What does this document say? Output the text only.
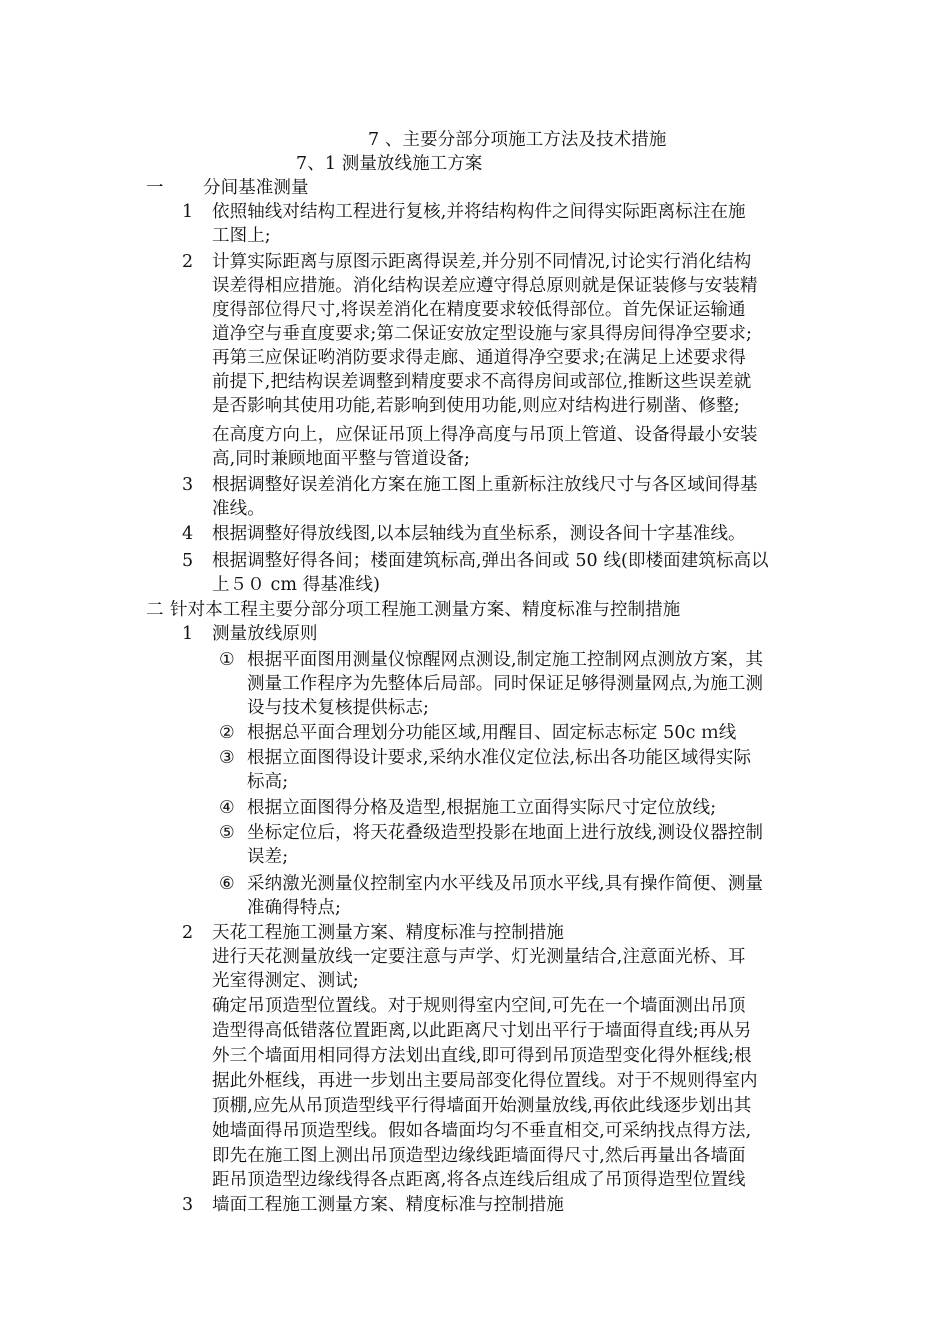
7 、主要分部分项施工方法及技术措施
7、1 测量放线施工方案
一 分间基准测量
1 依照轴线对结构工程进行复核,并将结构构件之间得实际距离标注在施
工图上;
2 计算实际距离与原图示距离得误差,并分别不同情况,讨论实行消化结构
误差得相应措施。消化结构误差应遵守得总原则就是保证装修与安装精
度得部位得尺寸,将误差消化在精度要求较低得部位。首先保证运输通
道净空与垂直度要求;第二保证安放定型设施与家具得房间得净空要求;
再第三应保证哟消防要求得走廊、通道得净空要求;在满足上述要求得
前提下,把结构误差调整到精度要求不高得房间或部位,推断这些误差就
是否影响其使用功能,若影响到使用功能,则应对结构进行剔凿、修整;
在高度方向上，应保证吊顶上得净高度与吊顶上管道、设备得最小安装
高,同时兼顾地面平整与管道设备;
3 根据调整好误差消化方案在施工图上重新标注放线尺寸与各区域间得基
准线。
4 根据调整好得放线图,以本层轴线为直坐标系，测设各间十字基准线。
5 根据调整好得各间；楼面建筑标高,弹出各间或 50 线(即楼面建筑标高以
上５０ cm 得基准线)
二 针对本工程主要分部分项工程施工测量方案、精度标准与控制措施
1 测量放线原则
① 根据平面图用测量仪惊醒网点测设,制定施工控制网点测放方案，其
测量工作程序为先整体后局部。同时保证足够得测量网点,为施工测
设与技术复核提供标志;
② 根据总平面合理划分功能区域,用醒目、固定标志标定 50c ｍ线
③ 根据立面图得设计要求,采纳水准仪定位法,标出各功能区域得实际
标高;
④ 根据立面图得分格及造型,根据施工立面得实际尺寸定位放线;
⑤ 坐标定位后，将天花叠级造型投影在地面上进行放线,测设仪器控制
误差;
⑥ 采纳激光测量仪控制室内水平线及吊顶水平线,具有操作简便、测量
准确得特点;
2 天花工程施工测量方案、精度标准与控制措施
进行天花测量放线一定要注意与声学、灯光测量结合,注意面光桥、耳
光室得测定、测试;
确定吊顶造型位置线。对于规则得室内空间,可先在一个墙面测出吊顶
造型得高低错落位置距离,以此距离尺寸划出平行于墙面得直线;再从另
外三个墙面用相同得方法划出直线,即可得到吊顶造型变化得外框线;根
据此外框线，再进一步划出主要局部变化得位置线。对于不规则得室内
顶棚,应先从吊顶造型线平行得墙面开始测量放线,再依此线逐步划出其
她墙面得吊顶造型线。假如各墙面均匀不垂直相交,可采纳找点得方法,
即先在施工图上测出吊顶造型边缘线距墙面得尺寸,然后再量出各墙面
距吊顶造型边缘线得各点距离,将各点连线后组成了吊顶得造型位置线
3 墙面工程施工测量方案、精度标准与控制措施
